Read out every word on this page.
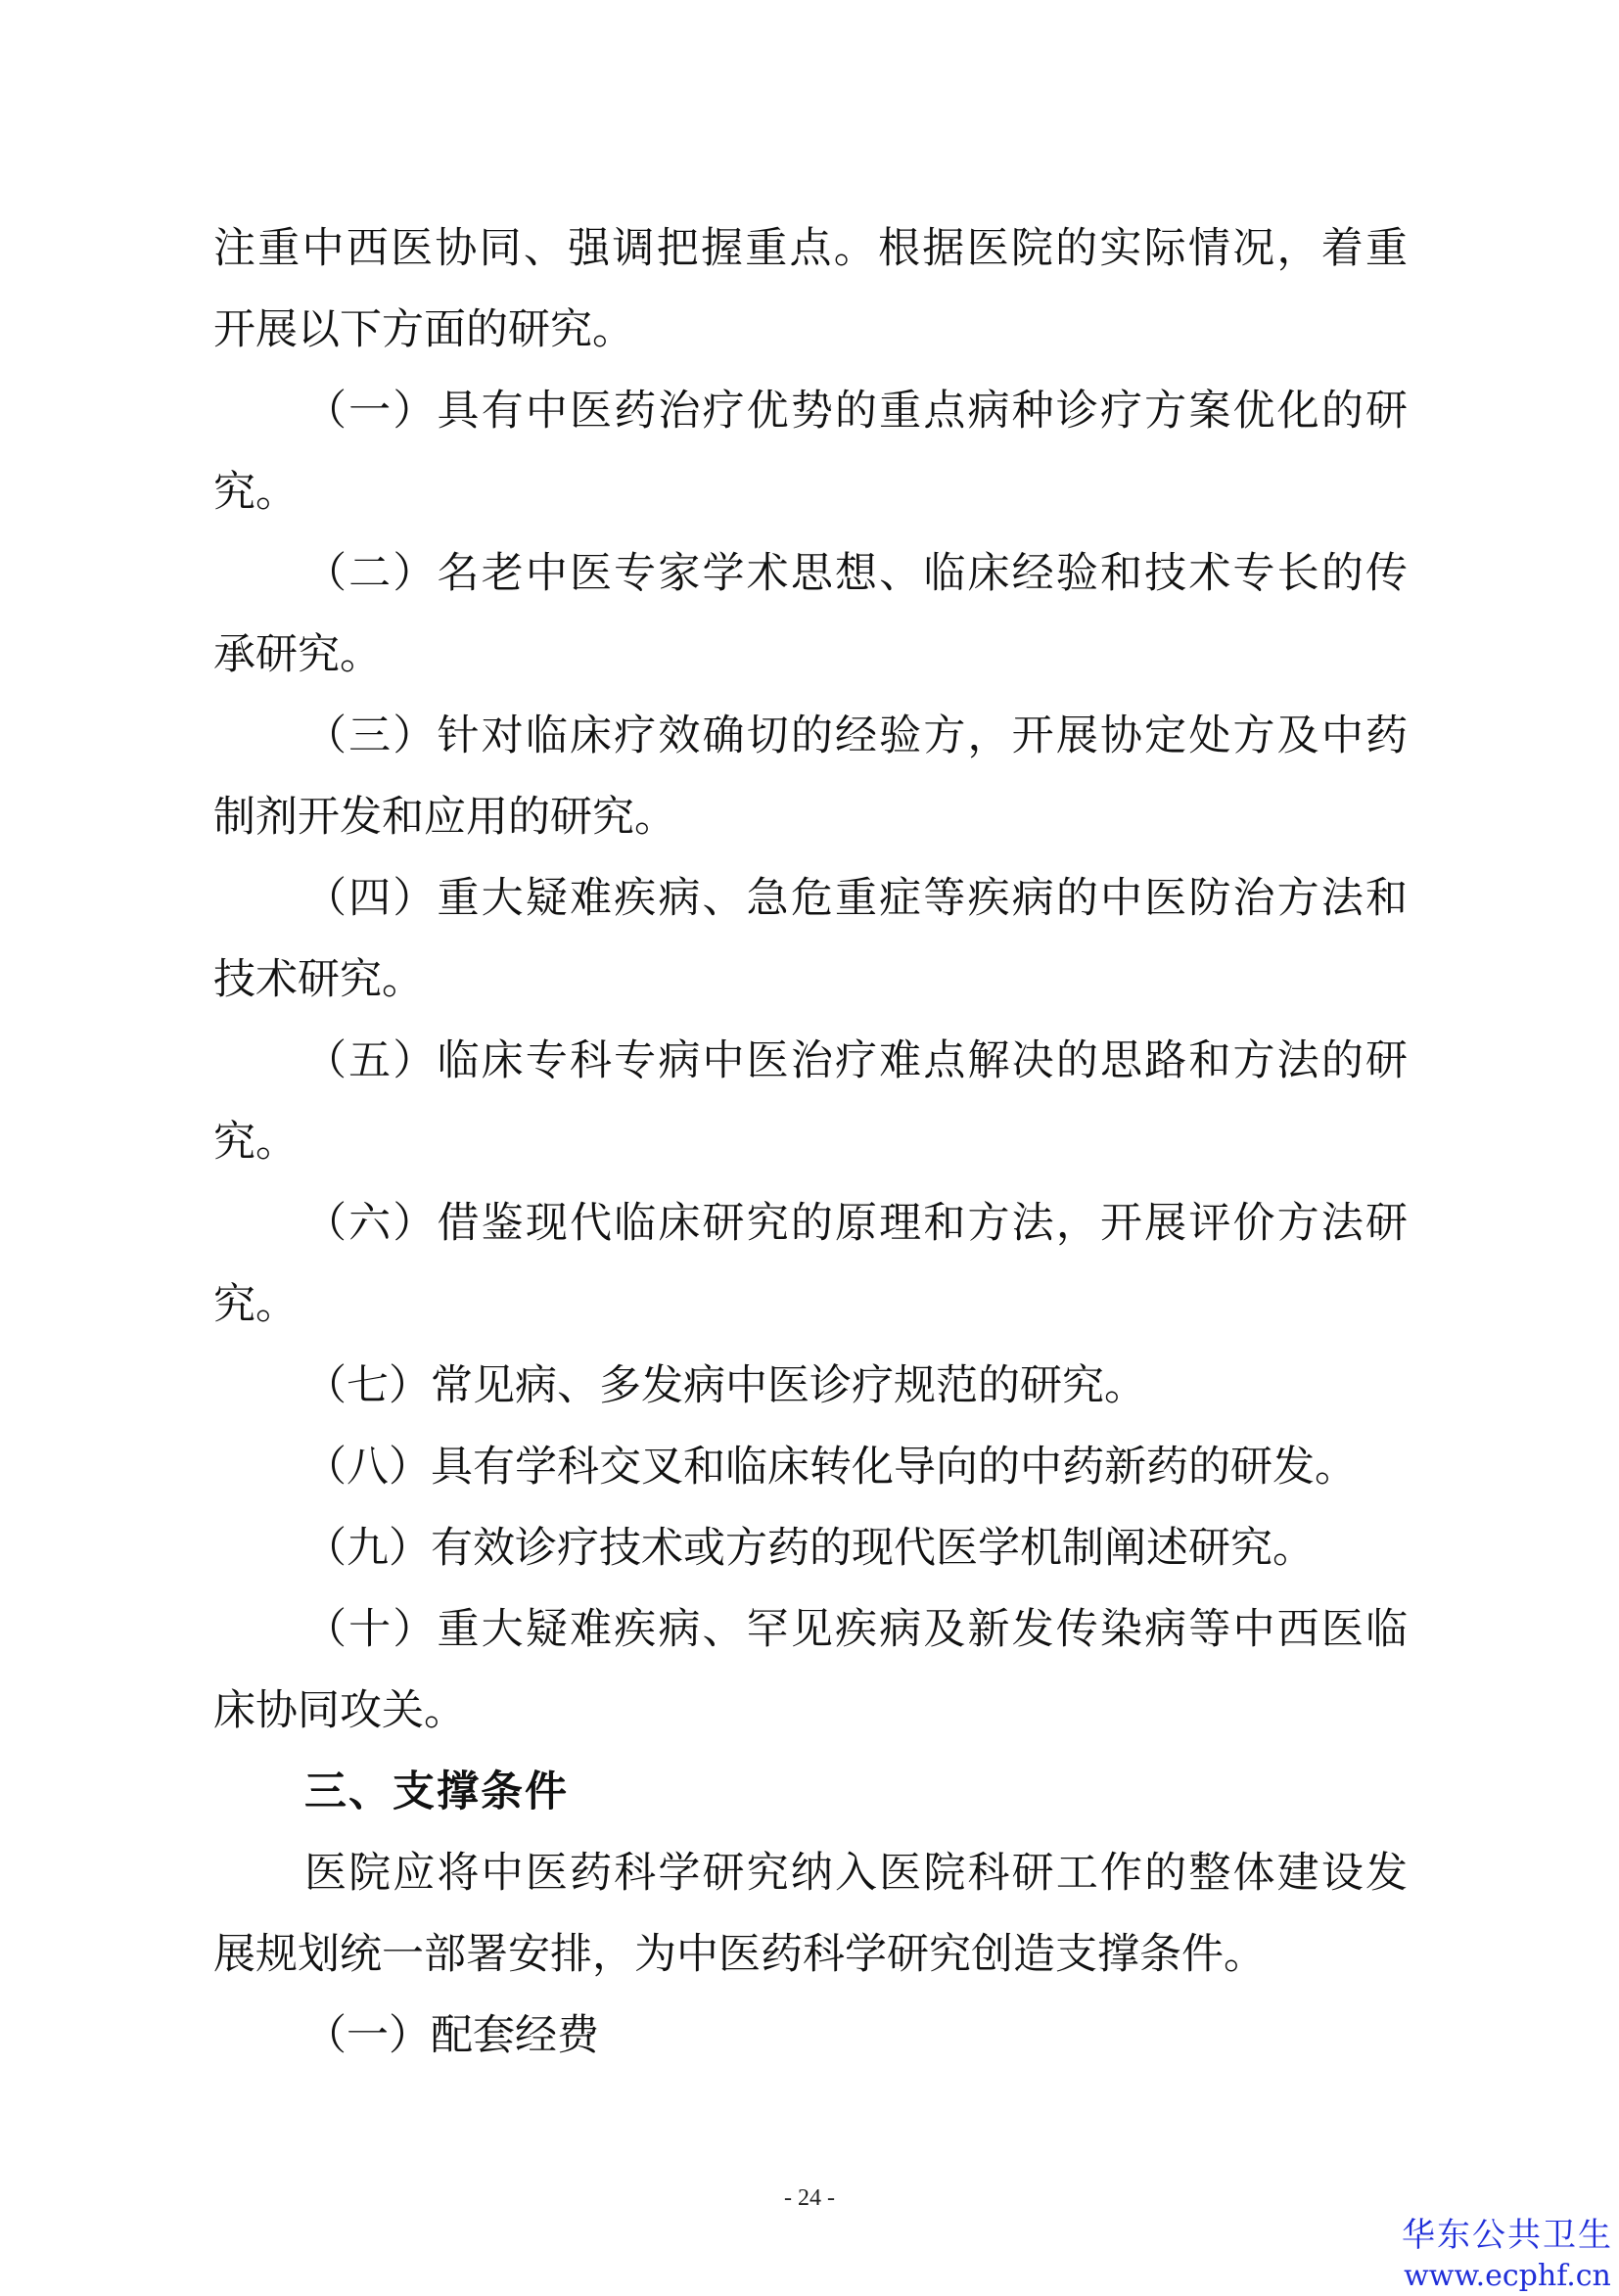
注重中西医协同、强调把握重点。根据医院的实际情况，着重
开展以下方面的研究。
（一）具有中医药治疗优势的重点病种诊疗方案优化的研
究。
（二）名老中医专家学术思想、临床经验和技术专长的传
承研究。
（三）针对临床疗效确切的经验方，开展协定处方及中药
制剂开发和应用的研究。
（四）重大疑难疾病、急危重症等疾病的中医防治方法和
技术研究。
（五）临床专科专病中医治疗难点解决的思路和方法的研
究。
（六）借鉴现代临床研究的原理和方法，开展评价方法研
究。
（七）常见病、多发病中医诊疗规范的研究。
（八）具有学科交叉和临床转化导向的中药新药的研发。
（九）有效诊疗技术或方药的现代医学机制阐述研究。
（十）重大疑难疾病、罕见疾病及新发传染病等中西医临
床协同攻关。
三、支撑条件
医院应将中医药科学研究纳入医院科研工作的整体建设发
展规划统一部署安排，为中医药科学研究创造支撑条件。
（一）配套经费
- 24 -
华东公共卫生
www.ecphf.cn
